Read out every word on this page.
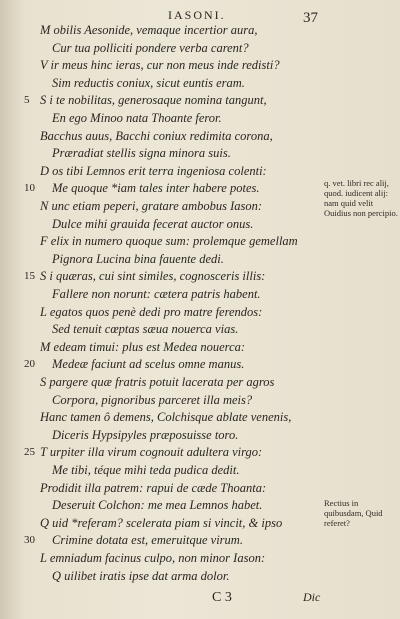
IASONI.	37
M obilis Aesonide, vemaque incertior aura,
Cur tua polliciti pondere verba carent?
V ir meus hinc ieras, cur non meus inde redisti?
Sim reductis coniux, sicut euntis eram.
S i te nobilitas, generosaque nomina tangunt,
5
En ego Minoo nata Thoante feror.
Bacchus auus, Bacchi coniux redimita corona,
Præradiat stellis signa minora suis.
D os tibi Lemnos erit terra ingeniosa colenti:
Me quoque *iam tales inter habere potes.
10
N unc etiam peperi, gratare ambobus Iason:
Dulce mihi grauida fecerat auctor onus.
F elix in numero quoque sum: prolemque gemellam
Pignora Lucina bina fauente dedi.
S i quæras, cui sint similes, cognosceris illis:
15
Fallere non norunt: cætera patris habent.
L egatos quos penè dedi pro matre ferendos:
Sed tenuit cœptas sæua nouerca vias.
M edeam timui: plus est Medea nouerca:
Medeæ faciunt ad scelus omne manus.
20
S pargere quæ fratris potuit lacerata per agros
Corpora, pignoribus parceret illa meis?
Hanc tamen ô demens, Colchisque ablate venenis,
Diceris Hypsipyles præposuisse toro.
T urpiter illa virum cognouit adultera virgo:
25
Me tibi, téque mihi teda pudica dedit.
Prodidit illa patrem: rapui de cæde Thoanta:
Deseruit Colchon: me mea Lemnos habet.
Q uid *referam? scelerata piam si vincit, & ipso
Crimine dotata est, emeruitque virum.
30
L emniadum facinus culpo, non minor Iason:
Q uilibet iratis ipse dat arma dolor.
q. vet. libri rec alij, quod. iudicent alij: nam quid velit Ouidius non percipio.
Rectius in quibusdam, Quid referet?
C 3	Dic
